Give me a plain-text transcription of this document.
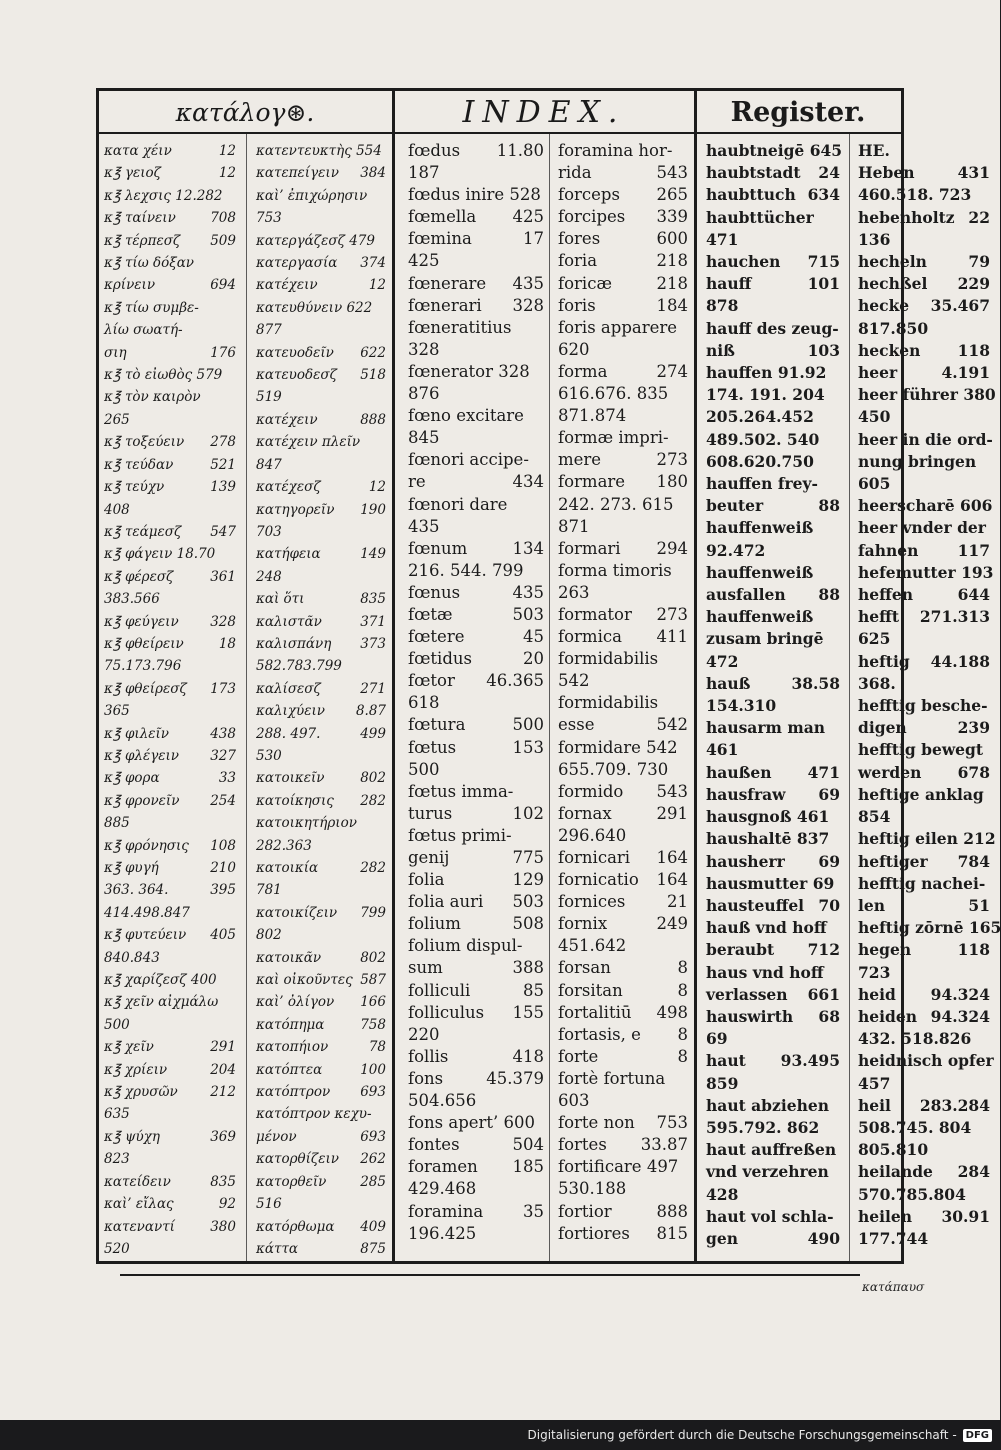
κατάλογ⊛.	INDEX.	Register.
κατα χέιν	12
κ℥ γειοζ	12
κ℥ λεχσις 12.282
κ℥ ταίνειν	708
κ℥ τέρπεσζ 509
κ℥ τίω δόξαν
κρίνειν	694
κ℥ τίω συμβε-
λίω σωατή-
σιη	176
κ℥ τὸ εἰωθὸς 579
κ℥ τὸν καιρὸν
265
κ℥ τοξεύειν 278
κ℥ τεύδαν	521
κ℥ τεύχν	139
408
κ℥ τεάμεσζ 547
κ℥ φάγειν 18.70
κ℥ φέρεσζ	361
383.566
κ℥ φεύγειν 328
κ℥ φθείρειν	18
75.173.796
κ℥ φθείρεσζ 173
365
κ℥ φιλεῖν	438
κ℥ φλέγειν 327
κ℥ φορα	33
κ℥ φρονεῖν 254
885
κ℥ φρόνησις 108
κ℥ φυγή	210
363. 364.	395
414.498.847
κ℥ φυτεύειν 405
840.843
κ℥ χαρίζεσζ 400
κ℥ χεῖν αἰχμάλω
500
κ℥ χεῖν	291
κ℥ χρίειν	204
κ℥ χρυσῶν 212
635
κ℥ ψύχη	369
823
κατείδειν	835
καὶ’ εἴλας	92
κατεναντί	380
520
κατεντευκτὴς 554
κατεπείγειν 384
καὶ’ ἐπιχώρησιν
753
κατεργάζεσζ 479
κατεργασία 374
κατέχειν	12
κατευθύνειν 622
877
κατευοδεῖν 622
κατευοδεσζ 518
519
κατέχειν	888
κατέχειν πλεῖν
847
κατέχεσζ	12
κατηγορεῖν 190
703
κατήφεια	149
248
καὶ ὅτι	835
καλιστᾶν	371
καλισπάνη 373
582.783.799
καλίσεσζ	271
καλιχύειν 8.87
288. 497.	499
530
κατοικεῖν	802
κατοίκησις 282
κατοικητήριον
282.363
κατοικία	282
781
κατοικίζειν 799
802
κατοικᾶν	802
καὶ οἰκοῦντες 587
καὶ’ ὀλίγον 166
κατόπημα	758
κατοπήιον	78
κατόπτεα	100
κατόπτρον 693
κατόπτρον κεχυ-
μένον	693
κατορθίζειν 262
κατορθεῖν	285
516
κατόρθωμα 409
κάττα	875
fœdus 11.80
187
fœdus inire 528
fœmella 425
fœmina	17
425
fœnerare 435
fœnerari 328
fœneratitius
328
fœnerator 328
876
fœno excitare
845
fœnori accipe-
re	434
fœnori dare
435
fœnum	134
216. 544. 799
fœnus	435
fœtæ	503
fœtere	45
fœtidus	20
fœtor 46.365
618
fœtura	500
fœtus	153
500
fœtus imma-
turus	102
fœtus primi-
genij	775
folia	129
folia auri 503
folium	508
folium dispul-
sum	388
folliculi	85
folliculus 155
220
follis	418
fons	45.379
504.656
fons apert’ 600
fontes	504
foramen 185
429.468
foramina 35
196.425
foramina hor-
rida	543
forceps 265
forcipes 339
fores	600
foria	218
foricæ	218
foris	184
foris apparere
620
forma	274
616.676. 835
871.874
formæ impri-
mere	273
formare 180
242. 273. 615
871
formari 294
forma timoris
263
formator 273
formica 411
formidabilis
542
formidabilis
esse	542
formidare 542
655.709. 730
formido 543
fornax	291
296.640
fornicari 164
fornicatio 164
fornices	21
fornix	249
451.642
forsan	8
forsitan	8
fortalitiū 498
fortasis, e 8
forte	8
fortè fortuna
603
forte non 753
fortes 33.87
fortificare 497
530.188
fortior	888
fortiores 815
haubtneigē 645
haubtstadt 24
haubttuch 634
haubttücher
471
hauchen 715
hauff	101
878
hauff des zeug-
niß	103
hauffen 91.92
174. 191. 204
205.264.452
489.502. 540
608.620.750
hauffen frey-
beuter	88
hauffenweiß
92.472
hauffenweiß
ausfallen 88
hauffenweiß
zusam bringē
472
hauß	38.58
154.310
hausarm man
461
haußen 471
hausfraw 69
hausgnoß 461
haushaltē 837
hausherr 69
hausmutter 69
hausteuffel 70
hauß vnd hoff
beraubt 712
haus vnd hoff
verlassen 661
hauswirth 68
69
haut 93.495
859
haut abziehen
595.792. 862
haut auffreßen
vnd verzehren
428
haut vol schla-
gen	490
HE.
Heben	431
460.518. 723
hebenholtz 22
136
hecheln	79
hechßel 229
hecke 35.467
817.850
hecken 118
heer	4.191
heer führer 380
450
heer in die ord-
nung bringen
605
heerscharē 606
heer vnder der
fahnen	117
hefemutter 193
heffen	644
hefft 271.313
625
heftig 44.188
368.
hefftig besche-
digen	239
hefftig bewegt
werden 678
heftige anklag
854
heftig eilen 212
heftiger 784
hefftig nachei-
len	51
heftig zōrnē 165
hegen	118
723
heid 94.324
heiden 94.324
432. 518.826
heidnisch opfer
457
heil 283.284
508.745. 804
805.810
heilande 284
570.785.804
heilen 30.91
177.744
κατάπαυσ
Digitalisierung gefördert durch die Deutsche Forschungsgemeinschaft - DFG
